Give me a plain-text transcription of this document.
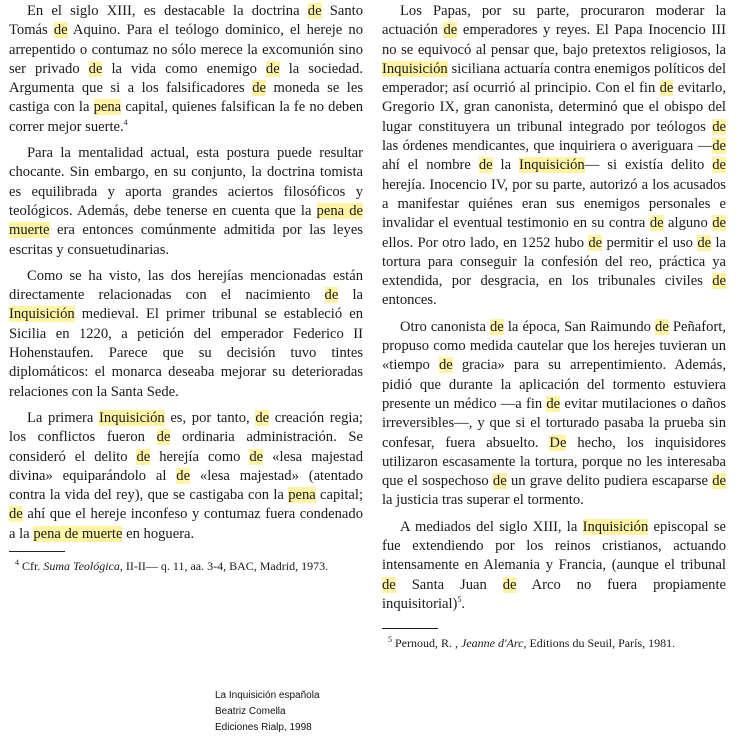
En el siglo XIII, es destacable la doctrina de Santo Tomás de Aquino. Para el teólogo dominico, el hereje no arrepentido o contumaz no sólo merece la excomunión sino ser privado de la vida como enemigo de la sociedad. Argumenta que si a los falsificadores de moneda se les castiga con la pena capital, quienes falsifican la fe no deben correr mejor suerte.$^4$

Para la mentalidad actual, esta postura puede resultar chocante. Sin embargo, en su conjunto, la doctrina tomista es equilibrada y aporta grandes aciertos filosóficos y teológicos. Además, debe tenerse en cuenta que la pena de muerte era entonces comúnmente admitida por las leyes escritas y consuetudinarias.

Como se ha visto, las dos herejías mencionadas están directamente relacionadas con el nacimiento de la Inquisición medieval. El primer tribunal se estableció en Sicilia en 1220, a petición del emperador Federico II Hohenstaufen. Parece que su decisión tuvo tintes diplomáticos: el monarca deseaba mejorar su deterioradas relaciones con la Santa Sede.

La primera Inquisición es, por tanto, de creación regia; los conflictos fueron de ordinaria administración. Se consideró el delito de herejía como de «lesa majestad divina» equiparándolo al de «lesa majestad» (atentado contra la vida del rey), que se castigaba con la pena capital; de ahí que el hereje inconfeso y contumaz fuera condenado a la pena de muerte en hoguera.

$^4$ Cfr. Suma Teológica, II-II— q. 11, aa. 3-4, BAC, Madrid, 1973.

Los Papas, por su parte, procuraron moderar la actuación de emperadores y reyes. El Papa Inocencio III no se equivocó al pensar que, bajo pretextos religiosos, la Inquisición siciliana actuaría contra enemigos políticos del emperador; así ocurrió al principio. Con el fin de evitarlo, Gregorio IX, gran canonista, determinó que el obispo del lugar constituyera un tribunal integrado por teólogos de las órdenes mendicantes, que inquiriera o averiguara —de ahí el nombre de la Inquisición— si existía delito de herejía. Inocencio IV, por su parte, autorizó a los acusados a manifestar quiénes eran sus enemigos personales e invalidar el eventual testimonio en su contra de alguno de ellos. Por otro lado, en 1252 hubo de permitir el uso de la tortura para conseguir la confesión del reo, práctica ya extendida, por desgracia, en los tribunales civiles de entonces.

Otro canonista de la época, San Raimundo de Peñafort, propuso como medida cautelar que los herejes tuvieran un «tiempo de gracia» para su arrepentimiento. Además, pidió que durante la aplicación del tormento estuviera presente un médico —a fin de evitar mutilaciones o daños irreversibles—, y que si el torturado pasaba la prueba sin confesar, fuera absuelto. De hecho, los inquisidores utilizaron escasamente la tortura, porque no les interesaba que el sospechoso de un grave delito pudiera escaparse de la justicia tras superar el tormento.

A mediados del siglo XIII, la Inquisición episcopal se fue extendiendo por los reinos cristianos, actuando intensamente en Alemania y Francia, (aunque el tribunal de Santa Juan de Arco no fuera propiamente inquisitorial)$^5$.

$^5$ Pernoud, R. , Jeanne d'Arc, Editions du Seuil, París, 1981.

La Inquisición española
Beatriz Comella
Ediciones Rialp, 1998
